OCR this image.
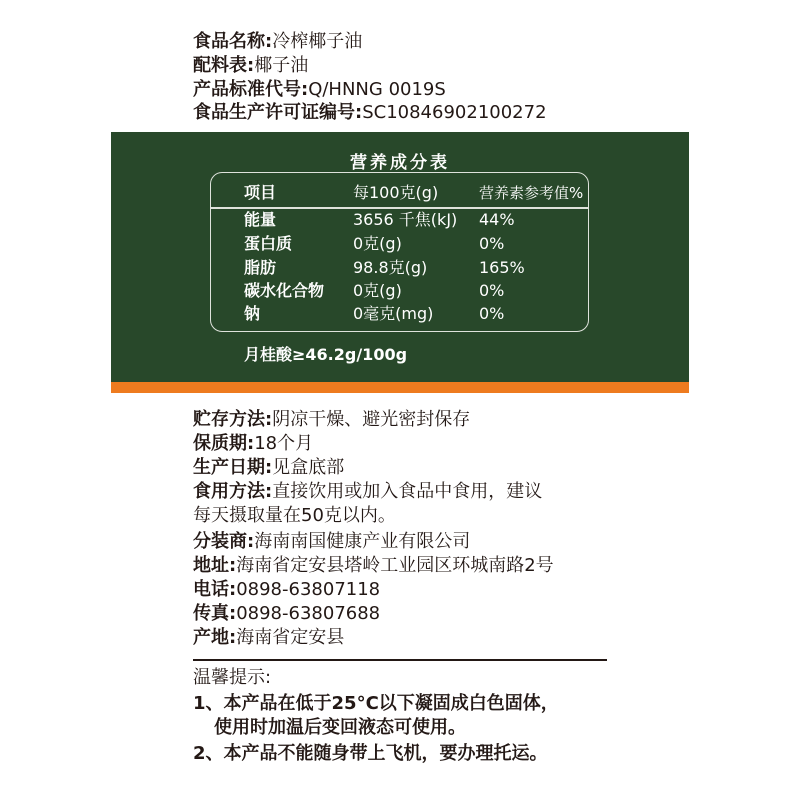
食品名称:冷榨椰子油
配料表:椰子油
产品标准代号:Q/HNNG 0019S
食品生产许可证编号:SC10846902100272
营养成分表
项目	每100克(g)	营养素参考值%
能量	3656 千焦(kJ) 44%
蛋白质	0克(g)	0%
脂肪	98.8克(g)	165%
碳水化合物 0克(g)	0%
钠	0毫克(mg)	0%
月桂酸≥46.2g/100g
贮存方法:阴凉干燥、避光密封保存
保质期:18个月
生产日期:见盒底部
食用方法:直接饮用或加入食品中食用，建议
每天摄取量在50克以内。
分装商:海南南国健康产业有限公司
地址:海南省定安县塔岭工业园区环城南路2号
电话:0898-63807118
传真:0898-63807688
产地:海南省定安县
温馨提示:
1、本产品在低于25°C以下凝固成白色固体，
使用时加温后变回液态可使用。
2、本产品不能随身带上飞机，要办理托运。
